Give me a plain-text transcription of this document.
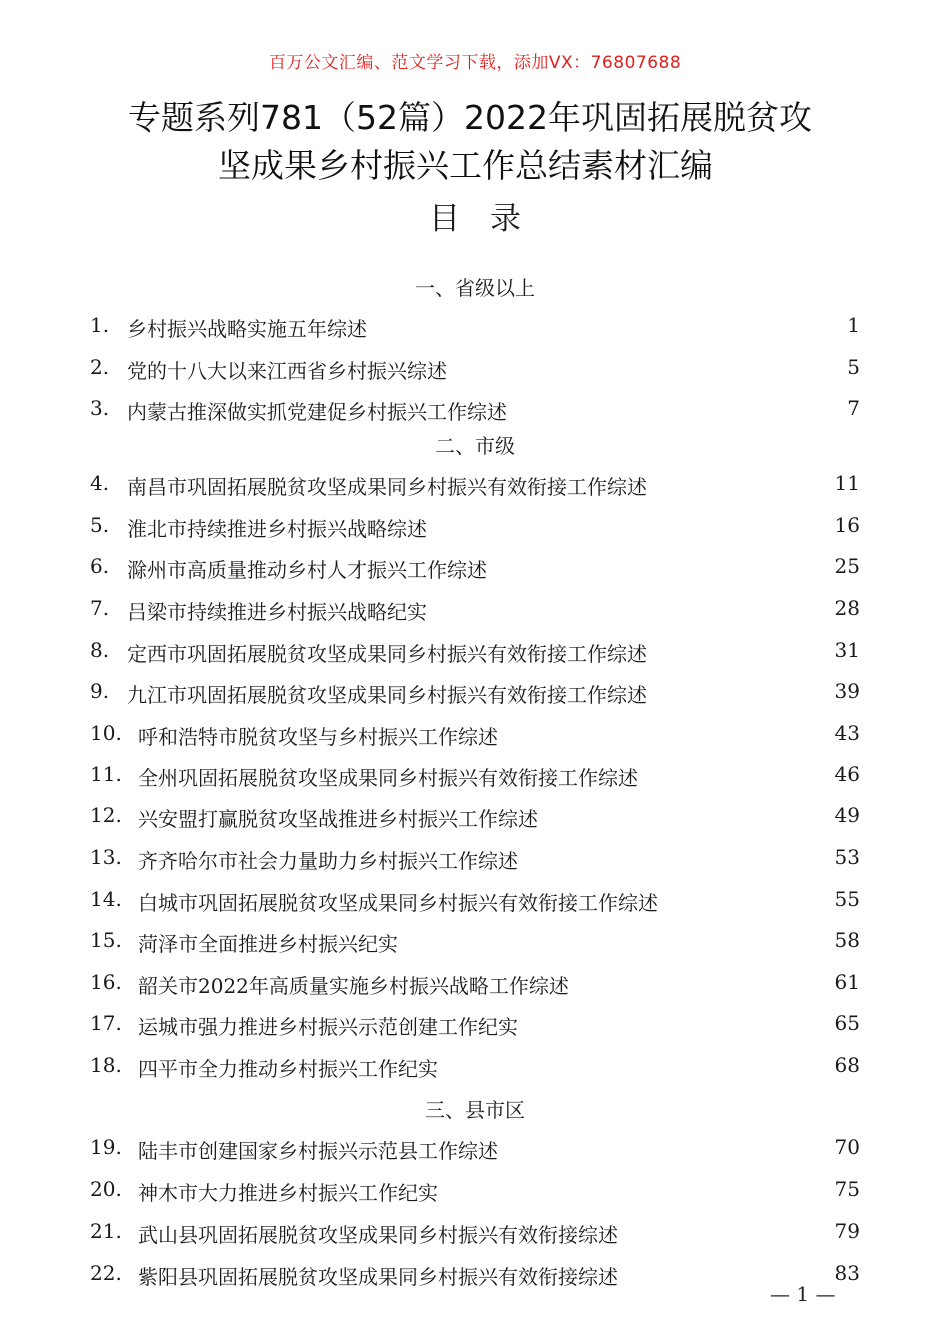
百万公文汇编、范文学习下载，添加VX：76807688
专题系列781（52篇）2022年巩固拓展脱贫攻
坚成果乡村振兴工作总结素材汇编
目录
一、省级以上
二、市级
三、县市区
1. 乡村振兴战略实施五年综述	1
2. 党的十八大以来江西省乡村振兴综述	5
3. 内蒙古推深做实抓党建促乡村振兴工作综述	7
4. 南昌市巩固拓展脱贫攻坚成果同乡村振兴有效衔接工作综述	11
5. 淮北市持续推进乡村振兴战略综述	16
6. 滁州市高质量推动乡村人才振兴工作综述	25
7. 吕梁市持续推进乡村振兴战略纪实	28
8. 定西市巩固拓展脱贫攻坚成果同乡村振兴有效衔接工作综述	31
9. 九江市巩固拓展脱贫攻坚成果同乡村振兴有效衔接工作综述	39
10. 呼和浩特市脱贫攻坚与乡村振兴工作综述	43
11. 全州巩固拓展脱贫攻坚成果同乡村振兴有效衔接工作综述	46
12. 兴安盟打赢脱贫攻坚战推进乡村振兴工作综述	49
13. 齐齐哈尔市社会力量助力乡村振兴工作综述	53
14. 白城市巩固拓展脱贫攻坚成果同乡村振兴有效衔接工作综述	55
15. 菏泽市全面推进乡村振兴纪实	58
16. 韶关市2022年高质量实施乡村振兴战略工作综述	61
17. 运城市强力推进乡村振兴示范创建工作纪实	65
18. 四平市全力推动乡村振兴工作纪实	68
19. 陆丰市创建国家乡村振兴示范县工作综述	70
20. 神木市大力推进乡村振兴工作纪实	75
21. 武山县巩固拓展脱贫攻坚成果同乡村振兴有效衔接综述	79
22. 紫阳县巩固拓展脱贫攻坚成果同乡村振兴有效衔接综述	83
— 1 —
